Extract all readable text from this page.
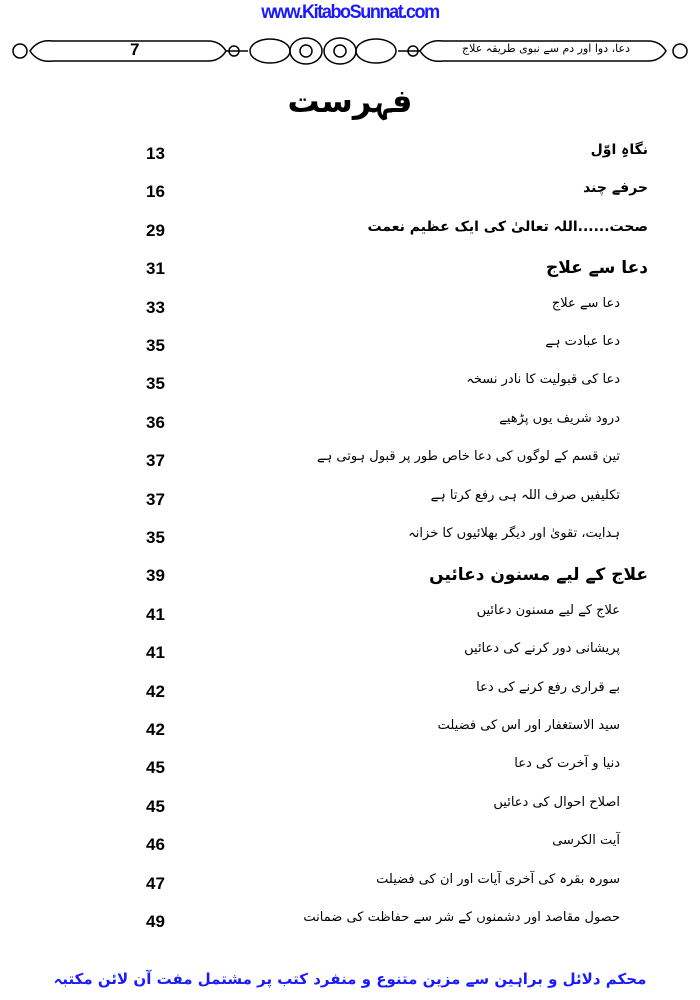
www.KitaboSunnat.com
7	دعا، دوا اور دم سے نبوی طریقہ علاج
فہرست
13	نگاہِ اوّل
16	حرفے چند
29	صحت......اللہ تعالیٰ کی ایک عظیم نعمت
31	دعا سے علاج
33	دعا سے علاج
35	دعا عبادت ہے
35	دعا کی قبولیت کا نادر نسخہ
36	درود شریف یوں پڑھیے
37	تین قسم کے لوگوں کی دعا خاص طور پر قبول ہوتی ہے
37	تکلیفیں صرف اللہ ہی رفع کرتا ہے
35	ہدایت، تقویٰ اور دیگر بھلائیوں کا خزانہ
39	علاج کے لیے مسنون دعائیں
41	علاج کے لیے مسنون دعائیں
41	پریشانی دور کرنے کی دعائیں
42	بے قراری رفع کرنے کی دعا
42	سید الاستغفار اور اس کی فضیلت
45	دنیا و آخرت کی دعا
45	اصلاح احوال کی دعائیں
46	آیت الکرسی
47	سورہ بقرہ کی آخری آیات اور ان کی فضیلت
49	حصول مقاصد اور دشمنوں کے شر سے حفاظت کی ضمانت
محکم دلائل و براہین سے مزین متنوع و منفرد کتب پر مشتمل مفت آن لائن مکتبہ
